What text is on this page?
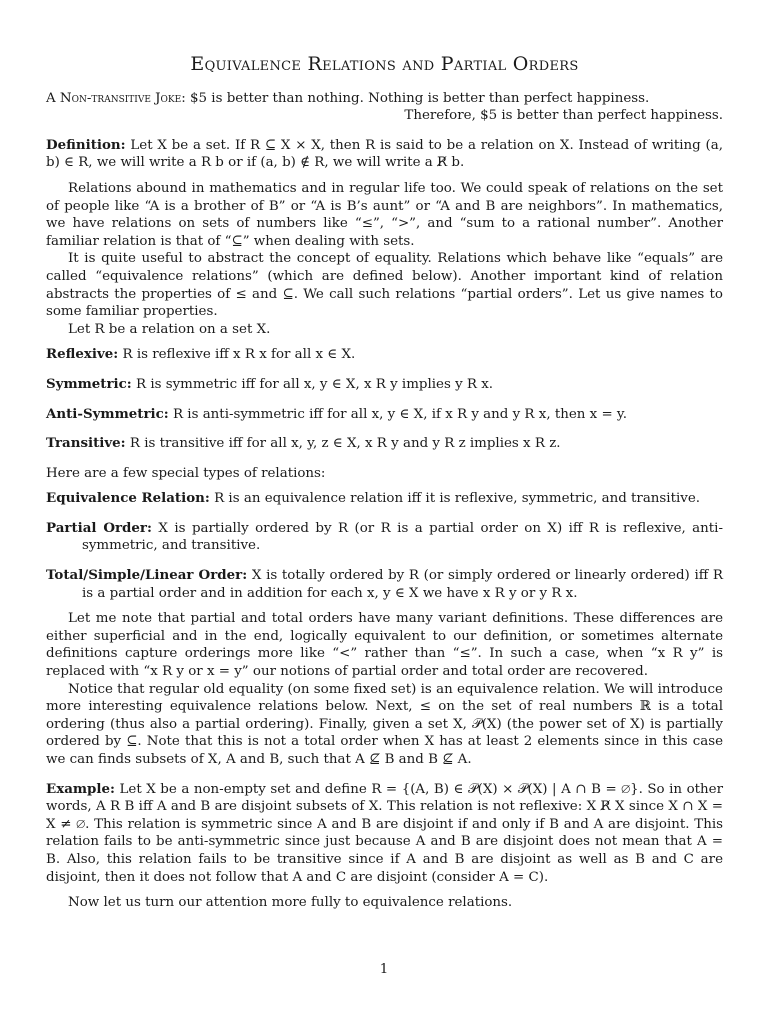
Equivalence Relations and Partial Orders

A Non-transitive Joke: $5 is better than nothing. Nothing is better than perfect happiness.

Therefore, $5 is better than perfect happiness.

Definition: Let X be a set. If R ⊆ X × X, then R is said to be a relation on X. Instead of writing (a, b) ∈ R, we will write a R b or if (a, b) ∉ R, we will write a R̸ b.

Relations abound in mathematics and in regular life too. We could speak of relations on the set of people like “A is a brother of B” or “A is B’s aunt” or “A and B are neighbors”. In mathematics, we have relations on sets of numbers like “≤”, “>”, and “sum to a rational number”. Another familiar relation is that of “⊆” when dealing with sets.

It is quite useful to abstract the concept of equality. Relations which behave like “equals” are called “equivalence relations” (which are defined below). Another important kind of relation abstracts the properties of ≤ and ⊆. We call such relations “partial orders”. Let us give names to some familiar properties.

Let R be a relation on a set X.

Reflexive: R is reflexive iff x R x for all x ∈ X.

Symmetric: R is symmetric iff for all x, y ∈ X, x R y implies y R x.

Anti-Symmetric: R is anti-symmetric iff for all x, y ∈ X, if x R y and y R x, then x = y.

Transitive: R is transitive iff for all x, y, z ∈ X, x R y and y R z implies x R z.

Here are a few special types of relations:

Equivalence Relation: R is an equivalence relation iff it is reflexive, symmetric, and transitive.

Partial Order: X is partially ordered by R (or R is a partial order on X) iff R is reflexive, anti-symmetric, and transitive.

Total/Simple/Linear Order: X is totally ordered by R (or simply ordered or linearly ordered) iff R is a partial order and in addition for each x, y ∈ X we have x R y or y R x.

Let me note that partial and total orders have many variant definitions. These differences are either superficial and in the end, logically equivalent to our definition, or sometimes alternate definitions capture orderings more like “<” rather than “≤”. In such a case, when “x R y” is replaced with “x R y or x = y” our notions of partial order and total order are recovered.

Notice that regular old equality (on some fixed set) is an equivalence relation. We will introduce more interesting equivalence relations below. Next, ≤ on the set of real numbers ℝ is a total ordering (thus also a partial ordering). Finally, given a set X, 𝒫(X) (the power set of X) is partially ordered by ⊆. Note that this is not a total order when X has at least 2 elements since in this case we can finds subsets of X, A and B, such that A ⊈ B and B ⊈ A.

Example: Let X be a non-empty set and define R = {(A, B) ∈ 𝒫(X) × 𝒫(X) | A ∩ B = ∅}. So in other words, A R B iff A and B are disjoint subsets of X. This relation is not reflexive: X R̸ X since X ∩ X = X ≠ ∅. This relation is symmetric since A and B are disjoint if and only if B and A are disjoint. This relation fails to be anti-symmetric since just because A and B are disjoint does not mean that A = B. Also, this relation fails to be transitive since if A and B are disjoint as well as B and C are disjoint, then it does not follow that A and C are disjoint (consider A = C).

Now let us turn our attention more fully to equivalence relations.

1
